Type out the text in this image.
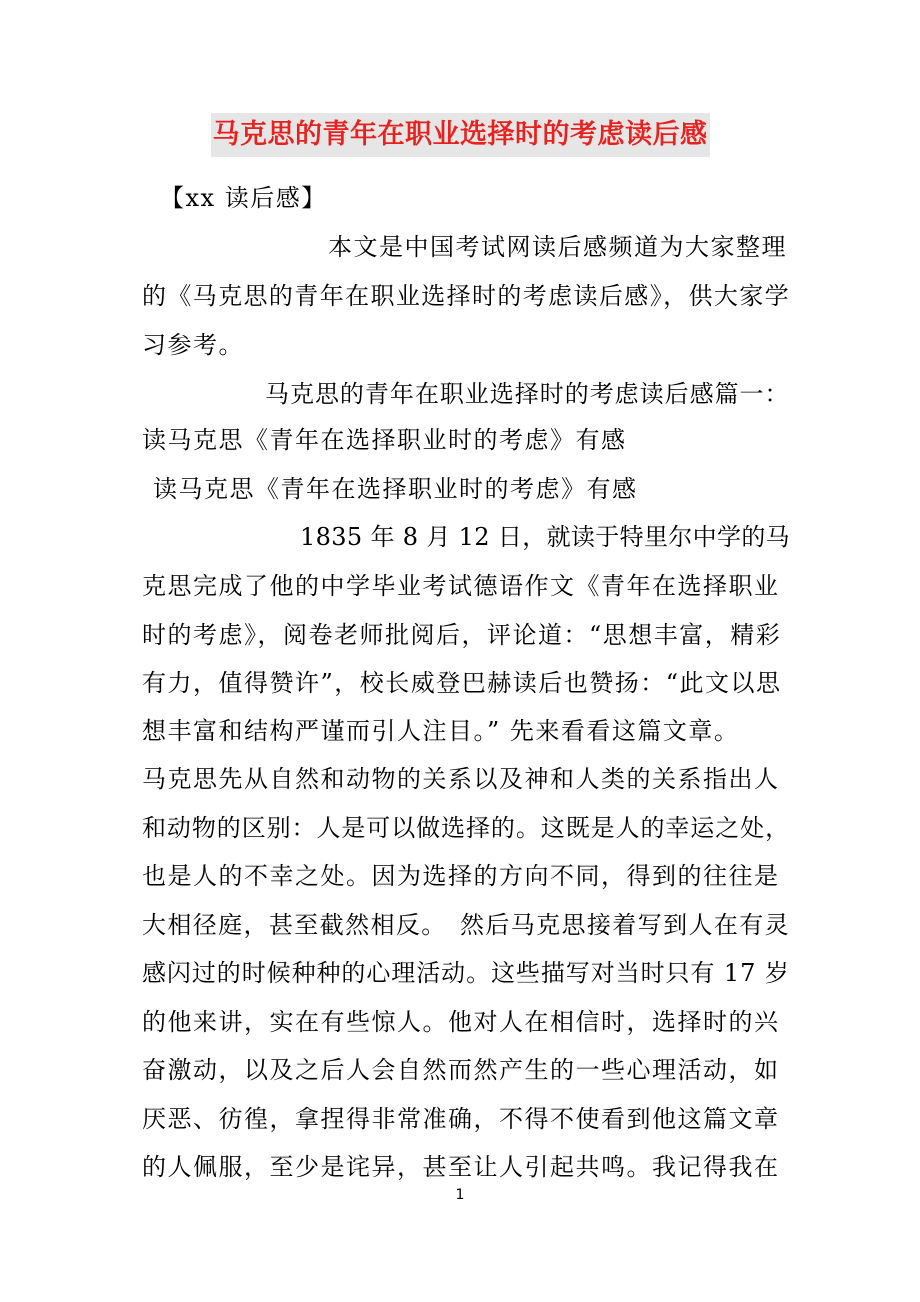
马克思的青年在职业选择时的考虑读后感
【xx 读后感】
本文是中国考试网读后感频道为大家整理
的《马克思的青年在职业选择时的考虑读后感》，供大家学
习参考。
马克思的青年在职业选择时的考虑读后感篇一：
读马克思《青年在选择职业时的考虑》有感
读马克思《青年在选择职业时的考虑》有感
1835 年 8 月 12 日，就读于特里尔中学的马
克思完成了他的中学毕业考试德语作文《青年在选择职业
时的考虑》，阅卷老师批阅后，评论道：“思想丰富，精彩
有力，值得赞许”，校长威登巴赫读后也赞扬：“此文以思
想丰富和结构严谨而引人注目。” 先来看看这篇文章。
马克思先从自然和动物的关系以及神和人类的关系指出人
和动物的区别：人是可以做选择的。这既是人的幸运之处，
也是人的不幸之处。因为选择的方向不同，得到的往往是
大相径庭，甚至截然相反。　然后马克思接着写到人在有灵
感闪过的时候种种的心理活动。这些描写对当时只有 17 岁
的他来讲，实在有些惊人。他对人在相信时，选择时的兴
奋激动，以及之后人会自然而然产生的一些心理活动，如
厌恶、彷徨，拿捏得非常准确，不得不使看到他这篇文章
的人佩服，至少是诧异，甚至让人引起共鸣。我记得我在
1
